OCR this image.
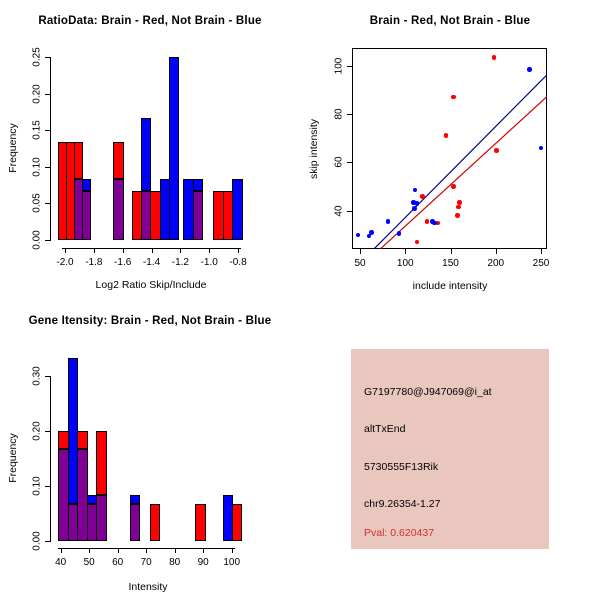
RatioData: Brain - Red, Not Brain - Blue
Frequency
Log2 Ratio Skip/Include
0.00
0.05
0.10
0.15
0.20
0.25
-2.0 -1.8 -1.6 -1.4 -1.2 -1.0 -0.8
Brain - Red, Not Brain - Blue
skip intensity
include intensity
50	100	150	200	250
40
60
80
100
Gene Itensity: Brain - Red, Not Brain - Blue
Frequency
Intensity
0.00
0.10
0.20
0.30
40 50 60 70 80 90 100
G7197780@J947069@i_at
altTxEnd
5730555F13Rik
chr9.26354-1.27
Pval: 0.620437
